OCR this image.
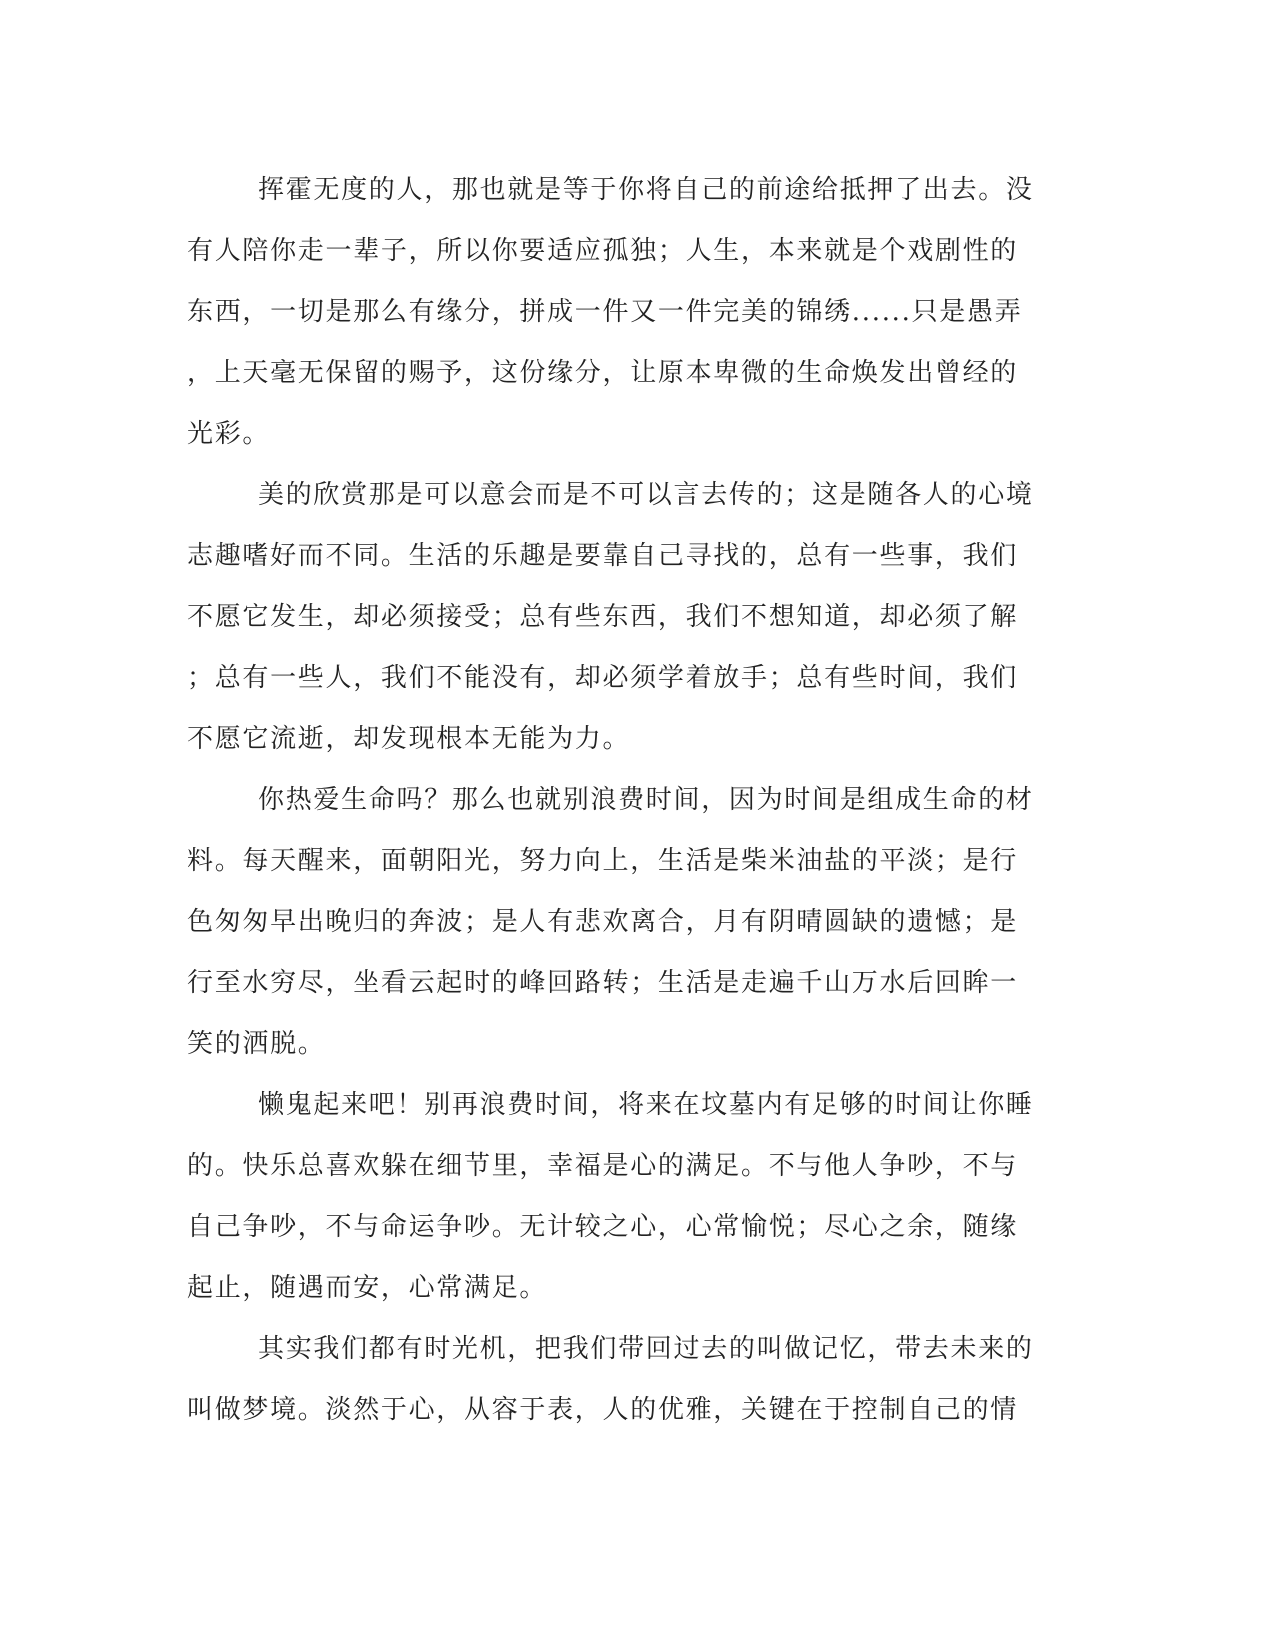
挥霍无度的人，那也就是等于你将自己的前途给抵押了出去。没
有人陪你走一辈子，所以你要适应孤独；人生，本来就是个戏剧性的
东西，一切是那么有缘分，拼成一件又一件完美的锦绣......只是愚弄
，上天毫无保留的赐予，这份缘分，让原本卑微的生命焕发出曾经的
光彩。
美的欣赏那是可以意会而是不可以言去传的；这是随各人的心境
志趣嗜好而不同。生活的乐趣是要靠自己寻找的，总有一些事，我们
不愿它发生，却必须接受；总有些东西，我们不想知道，却必须了解
；总有一些人，我们不能没有，却必须学着放手；总有些时间，我们
不愿它流逝，却发现根本无能为力。
你热爱生命吗？那么也就别浪费时间，因为时间是组成生命的材
料。每天醒来，面朝阳光，努力向上，生活是柴米油盐的平淡；是行
色匆匆早出晚归的奔波；是人有悲欢离合，月有阴晴圆缺的遗憾；是
行至水穷尽，坐看云起时的峰回路转；生活是走遍千山万水后回眸一
笑的洒脱。
懒鬼起来吧！别再浪费时间，将来在坟墓内有足够的时间让你睡
的。快乐总喜欢躲在细节里，幸福是心的满足。不与他人争吵，不与
自己争吵，不与命运争吵。无计较之心，心常愉悦；尽心之余，随缘
起止，随遇而安，心常满足。
其实我们都有时光机，把我们带回过去的叫做记忆，带去未来的
叫做梦境。淡然于心，从容于表，人的优雅，关键在于控制自己的情
